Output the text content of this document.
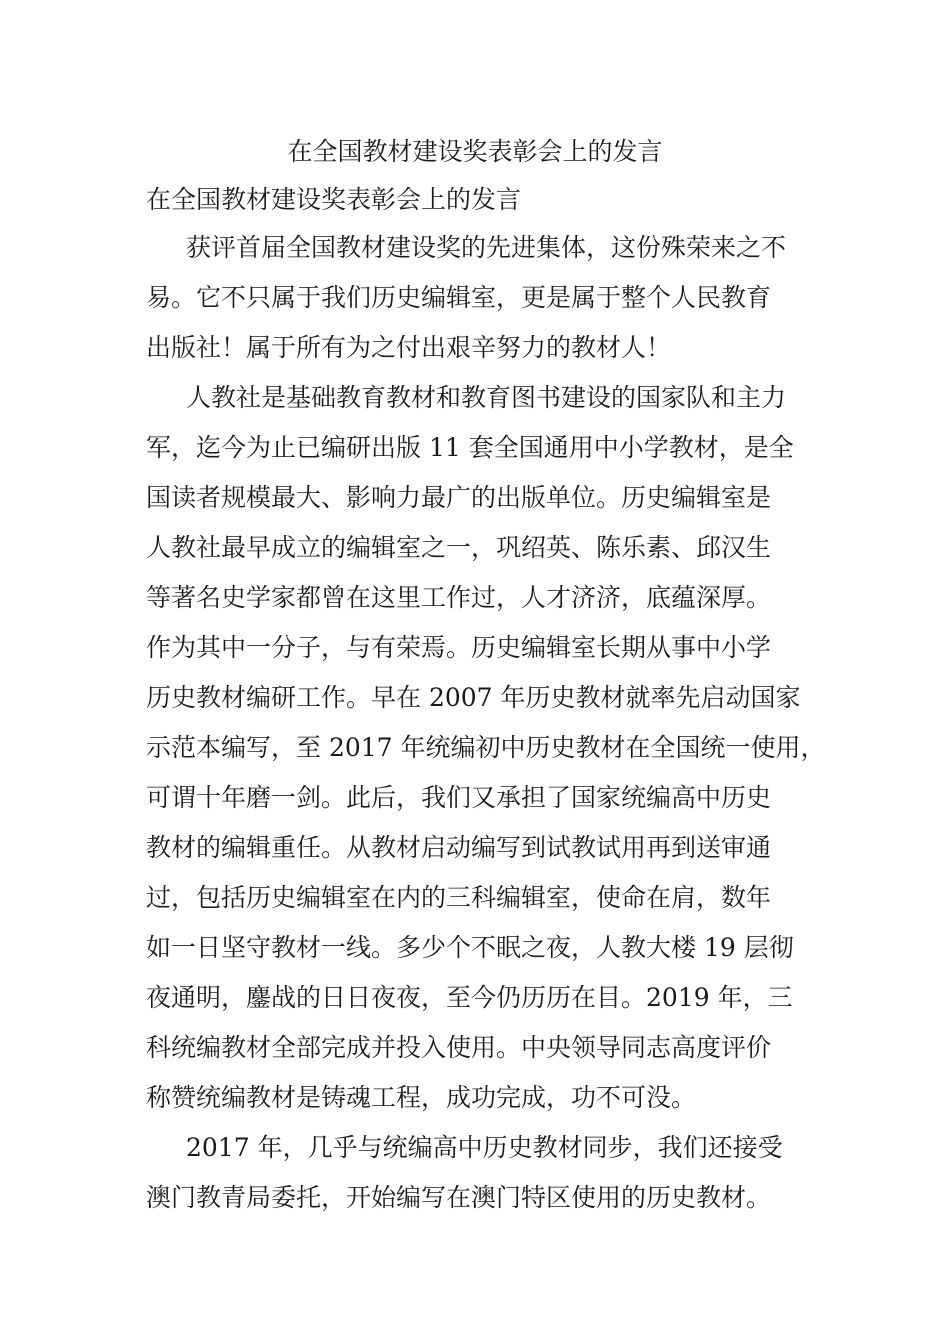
在全国教材建设奖表彰会上的发言
在全国教材建设奖表彰会上的发言
获评首届全国教材建设奖的先进集体，这份殊荣来之不
易。它不只属于我们历史编辑室，更是属于整个人民教育
出版社！属于所有为之付出艰辛努力的教材人！
人教社是基础教育教材和教育图书建设的国家队和主力
军，迄今为止已编研出版 11 套全国通用中小学教材，是全
国读者规模最大、影响力最广的出版单位。历史编辑室是
人教社最早成立的编辑室之一，巩绍英、陈乐素、邱汉生
等著名史学家都曾在这里工作过，人才济济，底蕴深厚。
作为其中一分子，与有荣焉。历史编辑室长期从事中小学
历史教材编研工作。早在 2007 年历史教材就率先启动国家
示范本编写，至 2017 年统编初中历史教材在全国统一使用，
可谓十年磨一剑。此后，我们又承担了国家统编高中历史
教材的编辑重任。从教材启动编写到试教试用再到送审通
过，包括历史编辑室在内的三科编辑室，使命在肩，数年
如一日坚守教材一线。多少个不眠之夜，人教大楼 19 层彻
夜通明，鏖战的日日夜夜，至今仍历历在目。2019 年，三
科统编教材全部完成并投入使用。中央领导同志高度评价
称赞统编教材是铸魂工程，成功完成，功不可没。
2017 年，几乎与统编高中历史教材同步，我们还接受
澳门教青局委托，开始编写在澳门特区使用的历史教材。
